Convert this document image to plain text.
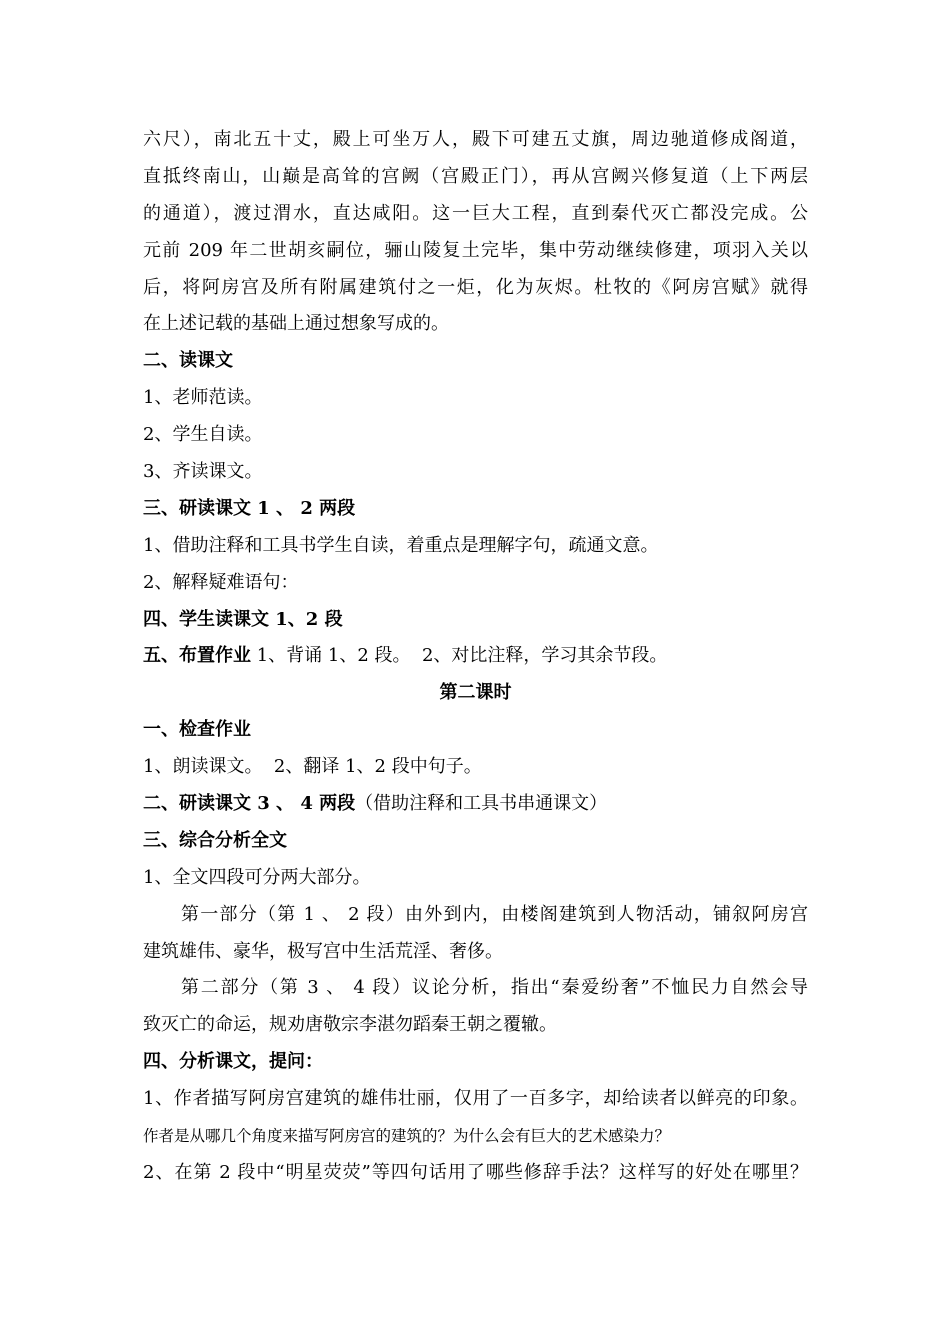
六尺），南北五十丈，殿上可坐万人，殿下可建五丈旗，周边驰道修成阁道，
直抵终南山，山巅是高耸的宫阙（宫殿正门），再从宫阙兴修复道（上下两层
的通道），渡过渭水，直达咸阳。这一巨大工程，直到秦代灭亡都没完成。公
元前 209 年二世胡亥嗣位，骊山陵复土完毕，集中劳动继续修建，项羽入关以
后，将阿房宫及所有附属建筑付之一炬，化为灰烬。杜牧的《阿房宫赋》就得
在上述记载的基础上通过想象写成的。
二、读课文
1、老师范读。
2、学生自读。
3、齐读课文。
三、研读课文 1 、 2 两段
1、借助注释和工具书学生自读，着重点是理解字句，疏通文意。
2、解释疑难语句：
四、学生读课文 1、2 段
五、布置作业 1、背诵 1、2 段。  2、对比注释，学习其余节段。
第二课时
一、检查作业
1、朗读课文。  2、翻译 1、2 段中句子。
二、研读课文 3 、 4 两段（借助注释和工具书串通课文）
三、综合分析全文
1、全文四段可分两大部分。
第一部分（第 1 、 2 段）由外到内，由楼阁建筑到人物活动，铺叙阿房宫
建筑雄伟、豪华，极写宫中生活荒淫、奢侈。
第二部分（第 3 、 4 段）议论分析，指出“秦爱纷奢”不恤民力自然会导
致灭亡的命运，规劝唐敬宗李湛勿蹈秦王朝之覆辙。
四、分析课文，提问：
1、作者描写阿房宫建筑的雄伟壮丽，仅用了一百多字，却给读者以鲜亮的印象。
作者是从哪几个角度来描写阿房宫的建筑的？为什么会有巨大的艺术感染力？
2、在第 2 段中“明星荧荧”等四句话用了哪些修辞手法？这样写的好处在哪里？
